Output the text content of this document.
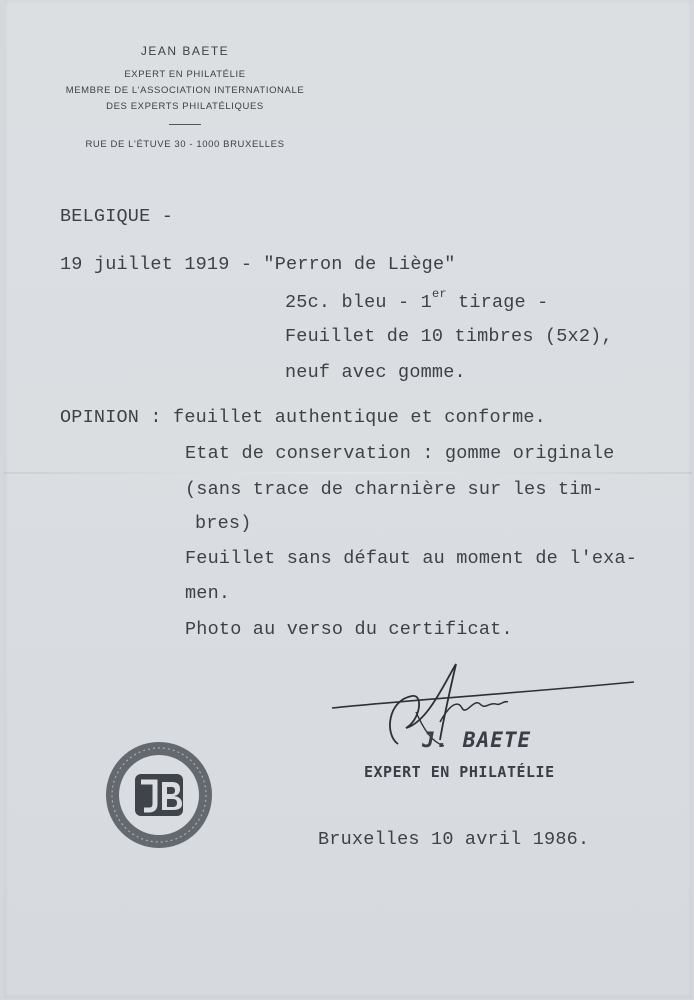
JEAN BAETE
EXPERT EN PHILATÉLIE
MEMBRE DE L'ASSOCIATION INTERNATIONALE
DES EXPERTS PHILATÉLIQUES
RUE DE L'ÉTUVE 30 - 1000 BRUXELLES
BELGIQUE -
19 juillet 1919 - "Perron de Liège"
25c. bleu - 1er tirage -
Feuillet de 10 timbres (5x2),
neuf avec gomme.
OPINION : feuillet authentique et conforme.
Etat de conservation : gomme originale
(sans trace de charnière sur les tim-
bres)
Feuillet sans défaut au moment de l'exa-
men.
Photo au verso du certificat.
J. BAETE
EXPERT EN PHILATÉLIE
Bruxelles 10 avril 1986.
